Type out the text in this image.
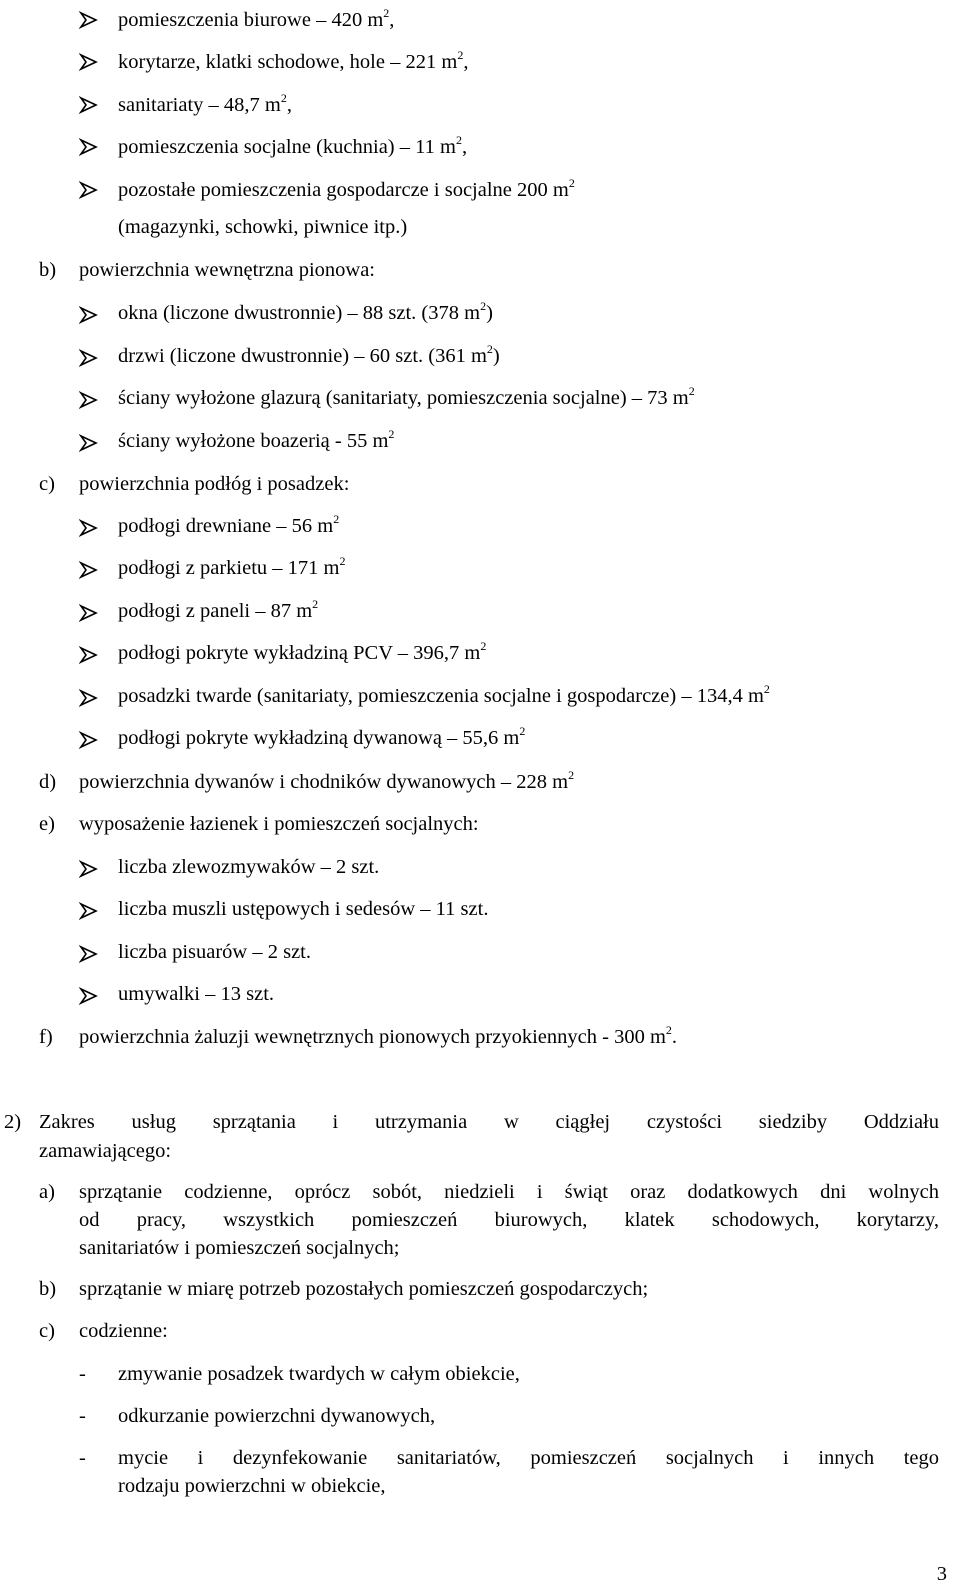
pomieszczenia biurowe – 420 $m^2$,
korytarze, klatki schodowe, hole – 221 $m^2$,
sanitariaty – 48,7 $m^2$,
pomieszczenia socjalne (kuchnia) – 11 $m^2$,
pozostałe pomieszczenia gospodarcze i socjalne 200 $m^2$
(magazynki, schowki, piwnice itp.)
b) powierzchnia wewnętrzna pionowa:
okna (liczone dwustronnie) – 88 szt. (378 $m^2$)
drzwi (liczone dwustronnie) – 60 szt. (361 $m^2$)
ściany wyłożone glazurą (sanitariaty, pomieszczenia socjalne) – 73 $m^2$
ściany wyłożone boazerią - 55 $m^2$
c) powierzchnia podłóg i posadzek:
podłogi drewniane – 56 $m^2$
podłogi z parkietu – 171 $m^2$
podłogi z paneli – 87 $m^2$
podłogi pokryte wykładziną PCV – 396,7 $m^2$
posadzki twarde (sanitariaty, pomieszczenia socjalne i gospodarcze) – 134,4 $m^2$
podłogi pokryte wykładziną dywanową – 55,6 $m^2$
d) powierzchnia dywanów i chodników dywanowych – 228 $m^2$
e) wyposażenie łazienek i pomieszczeń socjalnych:
liczba zlewozmywaków – 2 szt.
liczba muszli ustępowych i sedesów – 11 szt.
liczba pisuarów – 2 szt.
umywalki – 13 szt.
f) powierzchnia żaluzji wewnętrznych pionowych przyokiennych - 300 $m^2$.
2) Zakres usług sprzątania i utrzymania w ciągłej czystości siedziby Oddziału
zamawiającego:
a) sprzątanie codzienne, oprócz sobót, niedzieli i świąt oraz dodatkowych dni wolnych
od pracy, wszystkich pomieszczeń biurowych, klatek schodowych, korytarzy,
sanitariatów i pomieszczeń socjalnych;
b) sprzątanie w miarę potrzeb pozostałych pomieszczeń gospodarczych;
c) codzienne:
- zmywanie posadzek twardych w całym obiekcie,
- odkurzanie powierzchni dywanowych,
- mycie i dezynfekowanie sanitariatów, pomieszczeń socjalnych i innych tego
rodzaju powierzchni w obiekcie,
3
